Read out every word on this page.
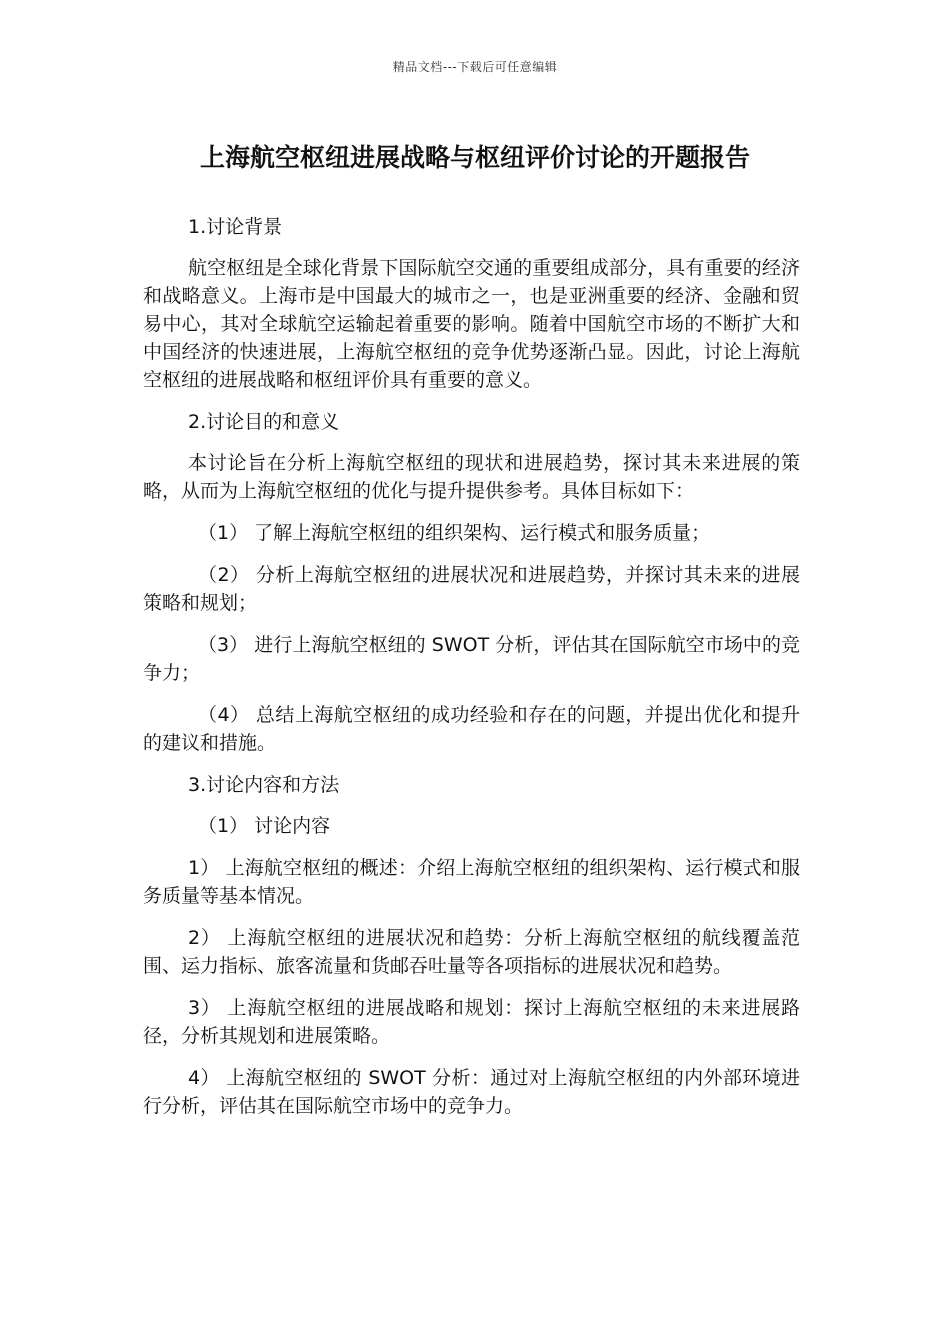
精品文档---下载后可任意编辑
上海航空枢纽进展战略与枢纽评价讨论的开题报告

1.讨论背景

航空枢纽是全球化背景下国际航空交通的重要组成部分，具有重要的经济和战略意义。上海市是中国最大的城市之一，也是亚洲重要的经济、金融和贸易中心，其对全球航空运输起着重要的影响。随着中国航空市场的不断扩大和中国经济的快速进展，上海航空枢纽的竞争优势逐渐凸显。因此，讨论上海航空枢纽的进展战略和枢纽评价具有重要的意义。

2.讨论目的和意义

本讨论旨在分析上海航空枢纽的现状和进展趋势，探讨其未来进展的策略，从而为上海航空枢纽的优化与提升提供参考。具体目标如下：

（1） 了解上海航空枢纽的组织架构、运行模式和服务质量；

（2） 分析上海航空枢纽的进展状况和进展趋势，并探讨其未来的进展策略和规划；

（3） 进行上海航空枢纽的 SWOT 分析，评估其在国际航空市场中的竞争力；

（4） 总结上海航空枢纽的成功经验和存在的问题，并提出优化和提升的建议和措施。

3.讨论内容和方法

（1） 讨论内容

1） 上海航空枢纽的概述：介绍上海航空枢纽的组织架构、运行模式和服务质量等基本情况。

2） 上海航空枢纽的进展状况和趋势：分析上海航空枢纽的航线覆盖范围、运力指标、旅客流量和货邮吞吐量等各项指标的进展状况和趋势。

3） 上海航空枢纽的进展战略和规划：探讨上海航空枢纽的未来进展路径，分析其规划和进展策略。

4） 上海航空枢纽的 SWOT 分析：通过对上海航空枢纽的内外部环境进行分析，评估其在国际航空市场中的竞争力。
